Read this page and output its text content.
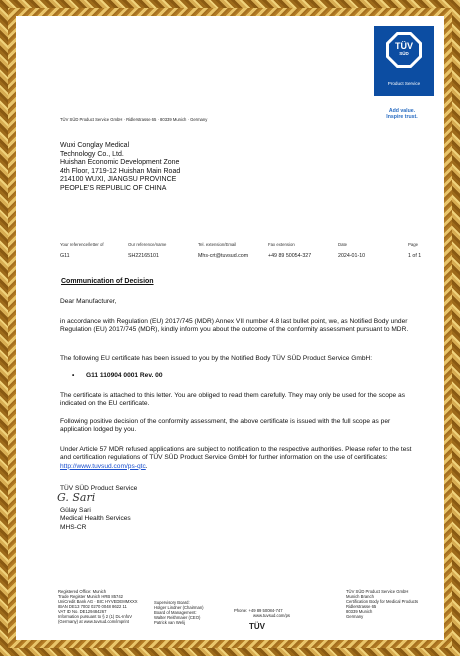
TÜV
SÜD
Product Service
Add value.
Inspire trust.
TÜV SÜD Product Service GmbH · Ridlerstrasse 65 · 80339 Munich · Germany
Wuxi Conglay Medical
Technology Co., Ltd.
Huishan Economic Development Zone
4th Floor, 1719-12 Huishan Main Road
214100 WUXI, JIANGSU PROVINCE
PEOPLE'S REPUBLIC OF CHINA
Your reference/letter of	Our reference/name	Tel. extension/Email	Fax extension	Date	Page
G11	SH22165101	Mhs-crt@tuvsud.com	+49 89 50054-327	2024-01-10	1 of 1
Communication of Decision
Dear Manufacturer,
in accordance with Regulation (EU) 2017/745 (MDR) Annex VII number 4.8 last bullet point, we, as Notified Body under Regulation (EU) 2017/745 (MDR), kindly inform you about the outcome of the conformity assessment pursuant to MDR.
The following EU certificate has been issued to you by the Notified Body TÜV SÜD Product Service GmbH:
• G11 110904 0001 Rev. 00
The certificate is attached to this letter. You are obliged to read them carefully. They may only be used for the scope as indicated on the EU certificate.
Following positive decision of the conformity assessment, the above certificate is issued with the full scope as per application lodged by you.
Under Article 57 MDR refused applications are subject to notification to the respective authorities. Please refer to the test and certification regulations of TÜV SÜD Product Service GmbH for further information on the use of certificates: http://www.tuvsud.com/ps-qtc.
TÜV SÜD Product Service
G. Sari
Gülay Sari
Medical Health Services
MHS-CR
Registered Office: Munich
Trade Register Munich HRB 85742
UniCredit Bank AG · BIC HYVEDEMMXXX
IBAN DE13 7002 0270 0048 8622 11
VAT ID No. DE129484267
Information pursuant to § 2 (1) DL-InfoV
(Germany) at www.tuvsud.com/imprint
Supervisory Board:
Holger Lindner (Chairman)
Board of Management:
Walter Reithmaier (CEO)
Patrick van Welij
Phone: +49 89 50084-747
www.tuvsud.com/ps
TÜV
TÜV SÜD Product Service GmbH
Munich Branch
Certification Body for Medical Products
Ridlerstrasse 65
80339 Munich
Germany
